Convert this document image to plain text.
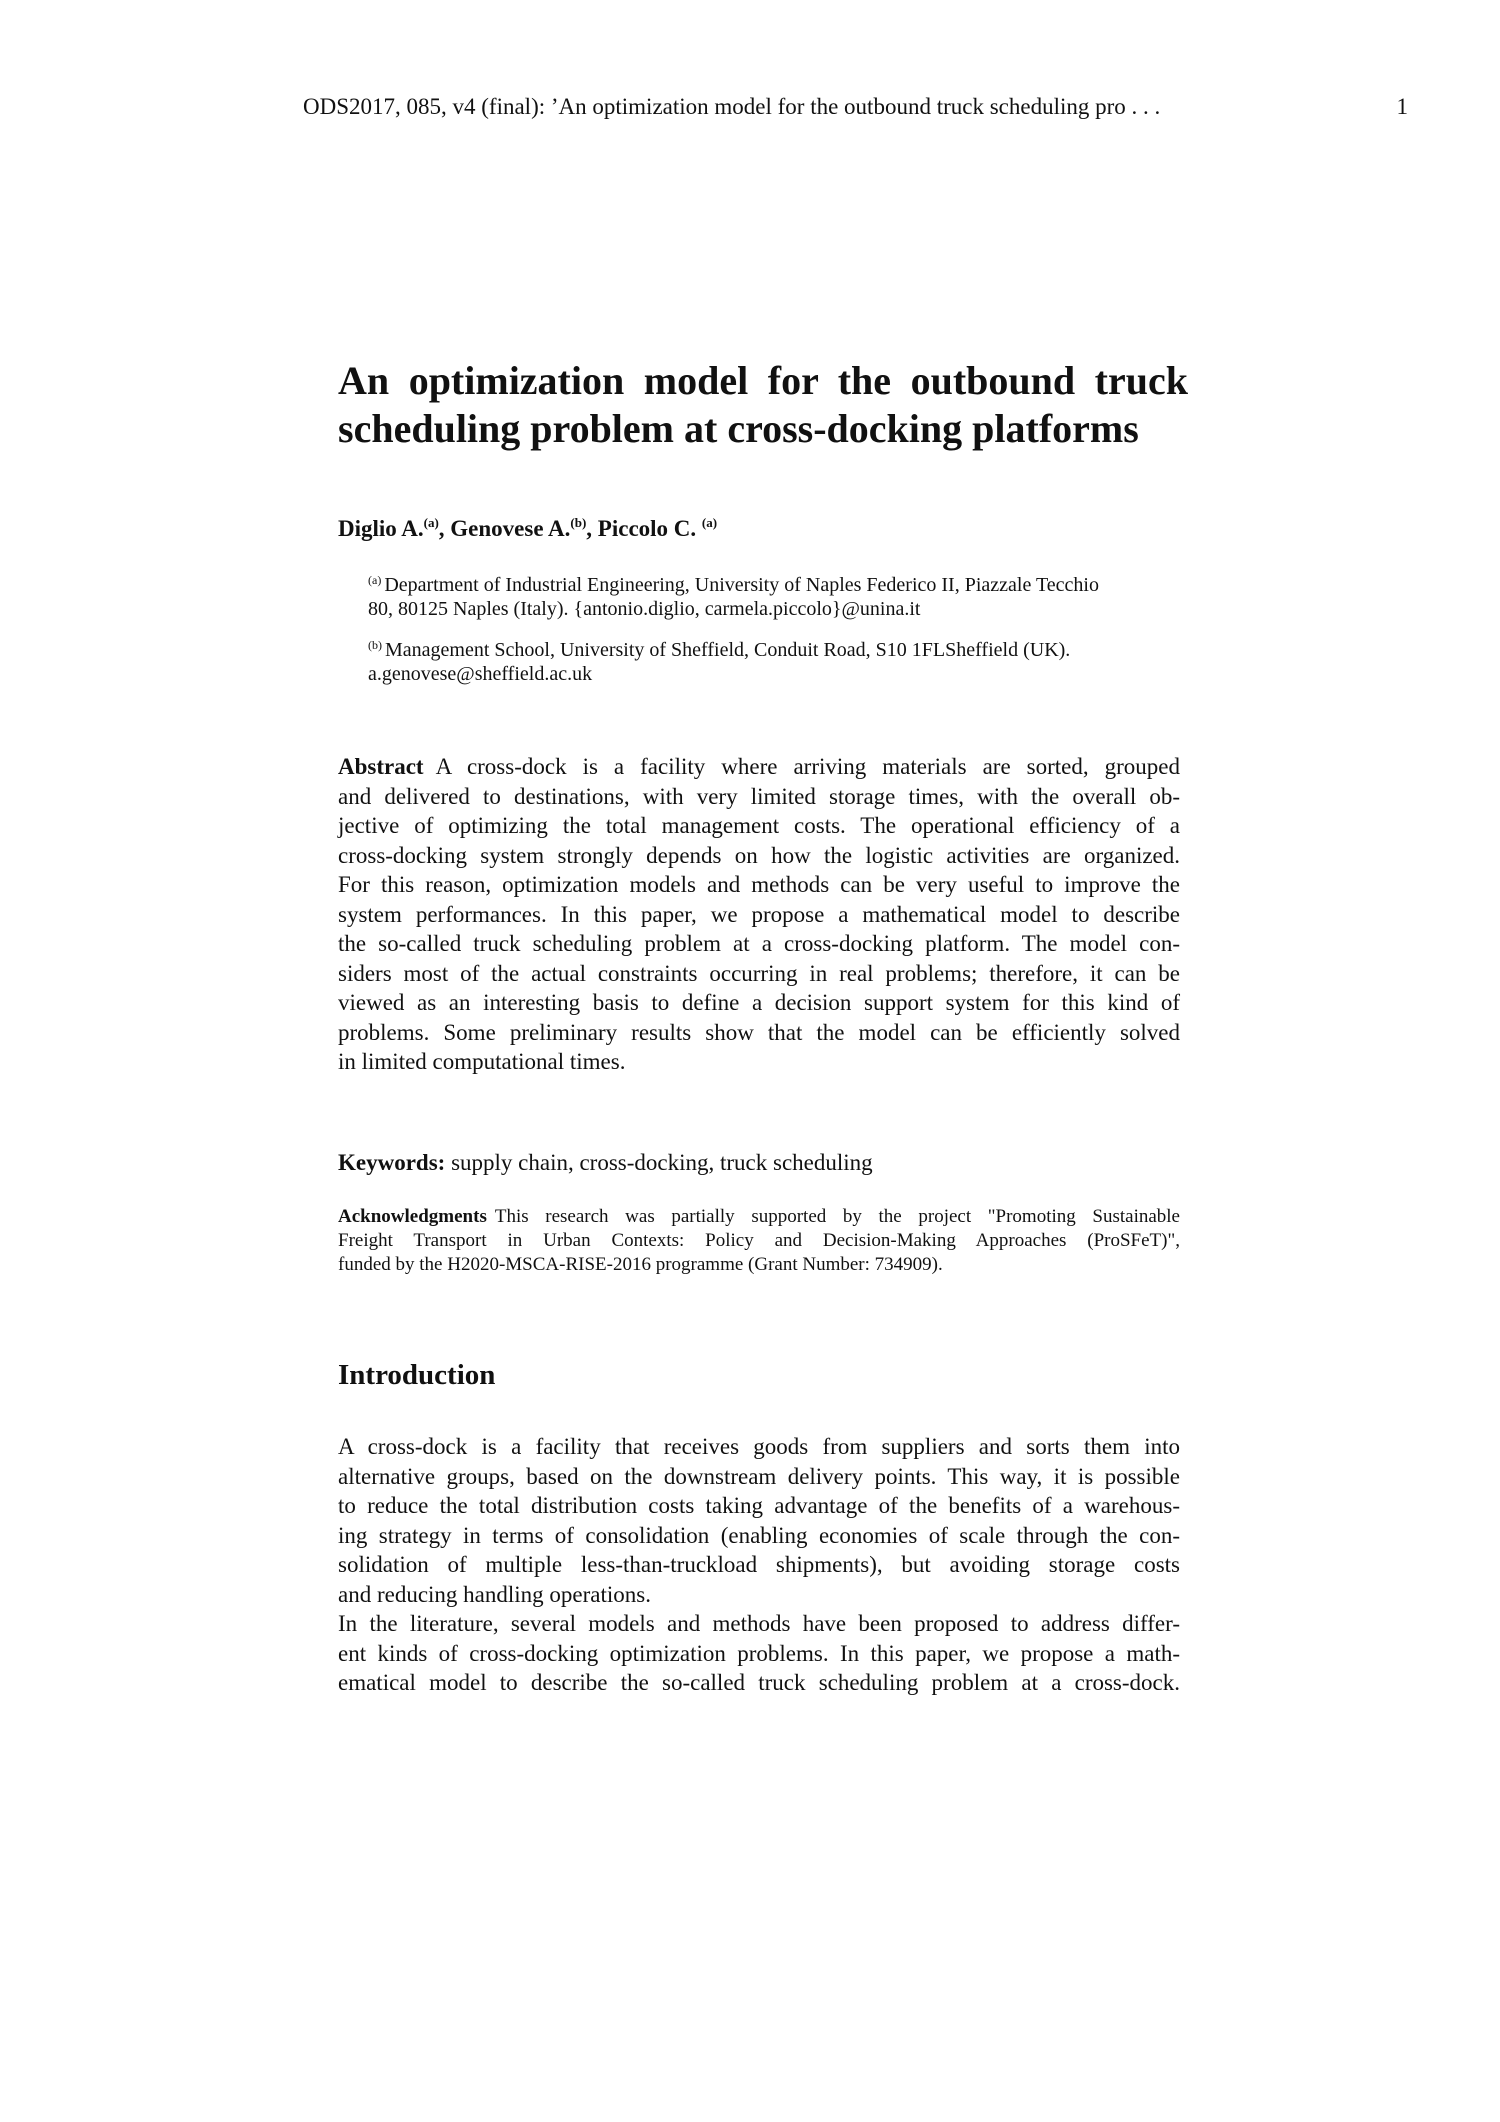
ODS2017, 085, v4 (final): ’An optimization model for the outbound truck scheduling pro . . .	1
An optimization model for the outbound truck
scheduling problem at cross-docking platforms
Diglio A.$^{(a)}$, Genovese A.$^{(b)}$, Piccolo C. $^{(a)}$
$^{(a)}$ Department of Industrial Engineering, University of Naples Federico II, Piazzale Tecchio
80, 80125 Naples (Italy). {antonio.diglio, carmela.piccolo}@unina.it
$^{(b)}$ Management School, University of Sheffield, Conduit Road, S10 1FLSheffield (UK).
a.genovese@sheffield.ac.uk
Abstract A cross-dock is a facility where arriving materials are sorted, grouped
and delivered to destinations, with very limited storage times, with the overall ob-
jective of optimizing the total management costs. The operational efficiency of a
cross-docking system strongly depends on how the logistic activities are organized.
For this reason, optimization models and methods can be very useful to improve the
system performances. In this paper, we propose a mathematical model to describe
the so-called truck scheduling problem at a cross-docking platform. The model con-
siders most of the actual constraints occurring in real problems; therefore, it can be
viewed as an interesting basis to define a decision support system for this kind of
problems. Some preliminary results show that the model can be efficiently solved
in limited computational times.
Keywords: supply chain, cross-docking, truck scheduling
Acknowledgments This research was partially supported by the project "Promoting Sustainable
Freight Transport in Urban Contexts: Policy and Decision-Making Approaches (ProSFeT)",
funded by the H2020-MSCA-RISE-2016 programme (Grant Number: 734909).
Introduction
A cross-dock is a facility that receives goods from suppliers and sorts them into
alternative groups, based on the downstream delivery points. This way, it is possible
to reduce the total distribution costs taking advantage of the benefits of a warehous-
ing strategy in terms of consolidation (enabling economies of scale through the con-
solidation of multiple less-than-truckload shipments), but avoiding storage costs
and reducing handling operations.
In the literature, several models and methods have been proposed to address differ-
ent kinds of cross-docking optimization problems. In this paper, we propose a math-
ematical model to describe the so-called truck scheduling problem at a cross-dock.
